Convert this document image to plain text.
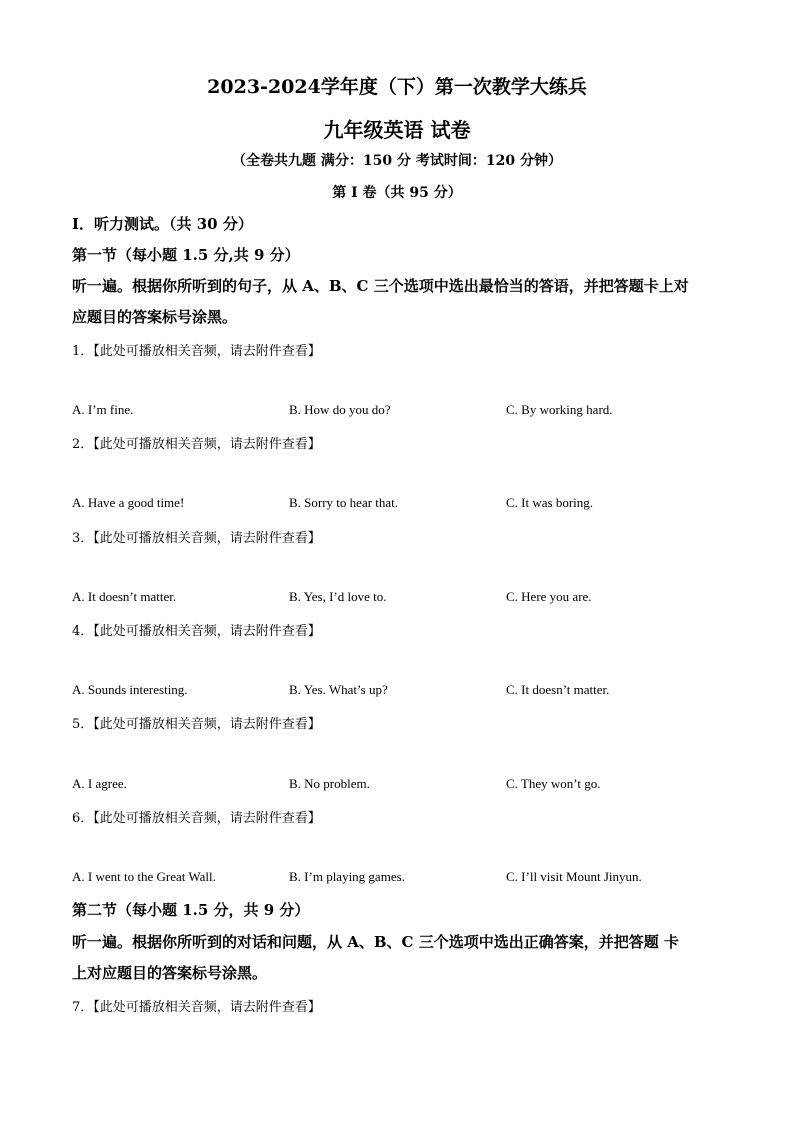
2023-2024学年度（下）第一次教学大练兵
九年级英语 试卷
（全卷共九题 满分：150 分 考试时间：120 分钟）
第 I 卷（共 95 分）
I．听力测试。（共 30 分）
第一节（每小题 1.5 分,共 9 分）
听一遍。根据你所听到的句子，从 A、B、C 三个选项中选出最恰当的答语，并把答题卡上对
应题目的答案标号涂黑。
1．【此处可播放相关音频，请去附件查看】
A. I’m fine.	B. How do you do?	C. By working hard.
2．【此处可播放相关音频，请去附件查看】
A. Have a good time!	B. Sorry to hear that.	C. It was boring.
3．【此处可播放相关音频，请去附件查看】
A. It doesn’t matter.	B. Yes, I’d love to.	C. Here you are.
4．【此处可播放相关音频，请去附件查看】
A. Sounds interesting.	B. Yes. What’s up?	C. It doesn’t matter.
5．【此处可播放相关音频，请去附件查看】
A. I agree.	B. No problem.	C. They won’t go.
6．【此处可播放相关音频，请去附件查看】
A. I went to the Great Wall.	B. I’m playing games.	C. I’ll visit Mount Jinyun.
第二节（每小题 1.5 分，共 9 分）
听一遍。根据你所听到的对话和问题，从 A、B、C 三个选项中选出正确答案，并把答题 卡
上对应题目的答案标号涂黑。
7．【此处可播放相关音频，请去附件查看】
